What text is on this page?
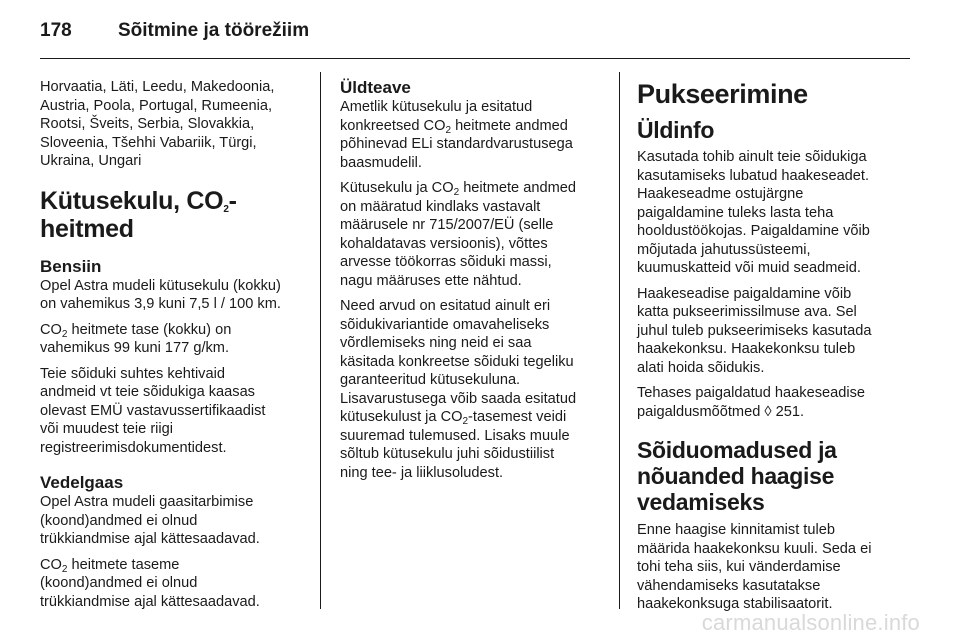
178 Sõitmine ja töörežiim

Horvaatia, Läti, Leedu, Makedoonia,
Austria, Poola, Portugal, Rumeenia,
Rootsi, Šveits, Serbia, Slovakkia,
Sloveenia, Tšehhi Vabariik, Türgi,
Ukraina, Ungari

Kütusekulu, $CO_2$-heitmed
Bensiin

Opel Astra mudeli kütusekulu (kokku)
on vahemikus 3,9 kuni 7,5 l / 100 km.

$CO_2$ heitmete tase (kokku) on
vahemikus 99 kuni 177 g/km.

Teie sõiduki suhtes kehtivaid
andmeid vt teie sõidukiga kaasas
olevast EMÜ vastavussertifikaadist
või muudest teie riigi
registreerimisdokumentidest.

Vedelgaas

Opel Astra mudeli gaasitarbimise
(koond)andmed ei olnud
trükkiandmise ajal kättesaadavad.

$CO_2$ heitmete taseme
(koond)andmed ei olnud
trükkiandmise ajal kättesaadavad.

Üldteave

Ametlik kütusekulu ja esitatud
konkreetsed $CO_2$ heitmete andmed
põhinevad ELi standardvarustusega
baasmudelil.

Kütusekulu ja $CO_2$ heitmete andmed
on määratud kindlaks vastavalt
määrusele nr 715/2007/EÜ (selle
kohaldatavas versioonis), võttes
arvesse töökorras sõiduki massi,
nagu määruses ette nähtud.

Need arvud on esitatud ainult eri
sõidukivariantide omavaheliseks
võrdlemiseks ning neid ei saa
käsitada konkreetse sõiduki tegeliku
garanteeritud kütusekuluna.
Lisavarustusega võib saada esitatud
kütusekulust ja $CO_2$-tasemest veidi
suuremad tulemused. Lisaks muule
sõltub kütusekulu juhi sõidustiilist
ning tee- ja liiklusoludest.

Pukseerimine
Üldinfo

Kasutada tohib ainult teie sõidukiga
kasutamiseks lubatud haakeseadet.
Haakeseadme ostujärgne
paigaldamine tuleks lasta teha
hooldustöökojas. Paigaldamine võib
mõjutada jahutussüsteemi,
kuumuskatteid või muid seadmeid.

Haakeseadise paigaldamine võib
katta pukseerimissilmuse ava. Sel
juhul tuleb pukseerimiseks kasutada
haakekonksu. Haakekonksu tuleb
alati hoida sõidukis.

Tehases paigaldatud haakeseadise
paigaldusmõõtmed ◊ 251.

Sõiduomadused ja
nõuanded haagise
vedamiseks

Enne haagise kinnitamist tuleb
määrida haakekonksu kuuli. Seda ei
tohi teha siis, kui vänderdamise
vähendamiseks kasutatakse
haakekonksuga stabilisaatorit.

carmanualsonline.info
